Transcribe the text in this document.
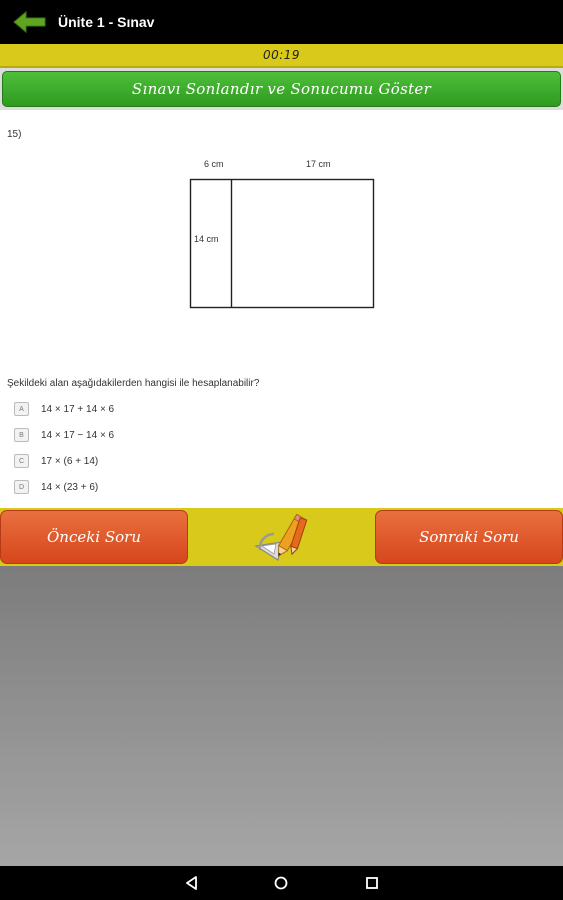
Ünite 1 - Sınav
00:19
Sınavı Sonlandır ve Sonucumu Göster
15)
6 cm	17 cm
14 cm
Şekildeki alan aşağıdakilerden hangisi ile hesaplanabilir?
A	14 × 17 + 14 × 6
B	14 × 17 − 14 × 6
C	17 × (6 + 14)
D	14 × (23 + 6)
Önceki Soru	Sonraki Soru
